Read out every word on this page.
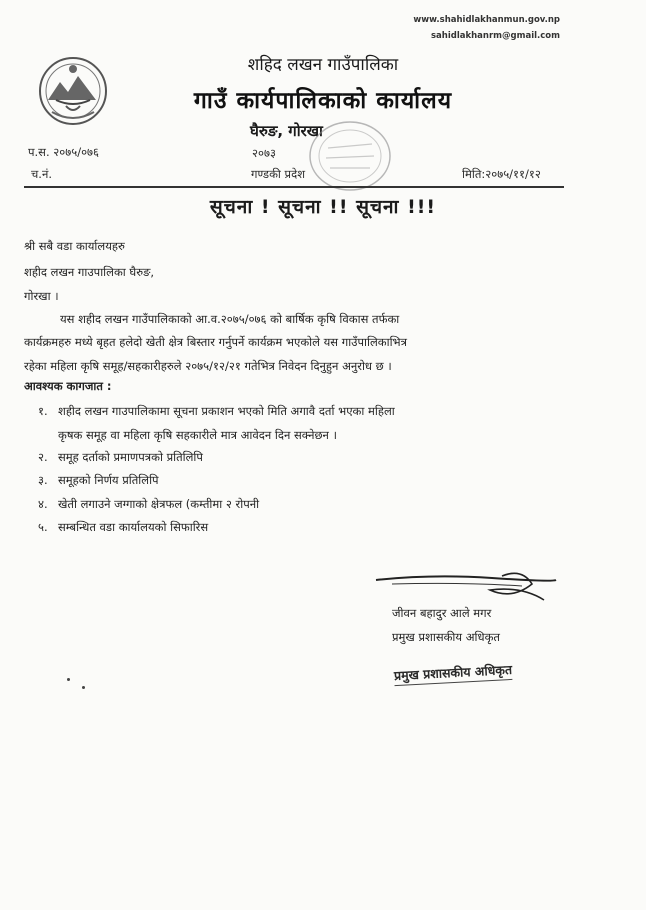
www.shahidlakhanmun.gov.np
sahidlakhanrm@gmail.com
शहिद लखन गाउँपालिका
गाउँ कार्यपालिकाको कार्यालय
घैरुङ, गोरखा
२०७३
गण्डकी प्रदेश
प.स. २०७५/०७६
च.नं.	मिति:२०७५/११/१२
सूचना ! सूचना !! सूचना !!!
श्री सबै वडा कार्यालयहरु
शहीद लखन गाउपालिका घैरुङ,
गोरखा ।
यस शहीद लखन गाउँपालिकाको आ.व.२०७५/०७६ को बार्षिक कृषि विकास तर्फका
कार्यक्रमहरु मध्ये बृहत हलेदो खेती क्षेत्र बिस्तार गर्नुपर्ने कार्यक्रम भएकोले यस गाउँपालिकाभित्र
रहेका महिला कृषि समूह/सहकारीहरुले २०७५/१२/२१ गतेभित्र निवेदन दिनुहुन अनुरोध छ ।
आवश्यक कागजात :
१. शहीद लखन गाउपालिकामा सूचना प्रकाशन भएको मिति अगावै दर्ता भएका महिला
कृषक समूह वा महिला कृषि सहकारीले मात्र आवेदन दिन सक्नेछन ।
२. समूह दर्ताको प्रमाणपत्रको प्रतिलिपि
३. समूहको निर्णय प्रतिलिपि
४. खेती लगाउने जग्गाको क्षेत्रफल (कम्तीमा २ रोपनी
५. सम्बन्धित वडा कार्यालयको सिफारिस
जीवन बहादुर आले मगर
प्रमुख प्रशासकीय अधिकृत
प्रमुख प्रशासकीय अधिकृत
